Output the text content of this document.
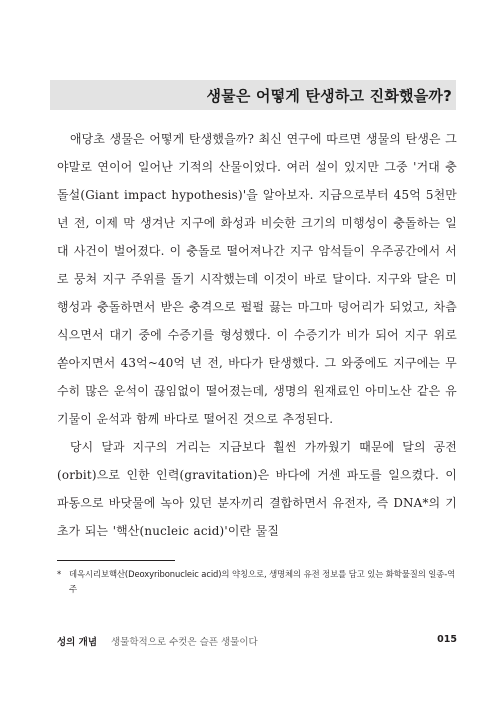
생물은 어떻게 탄생하고 진화했을까?

애당초 생물은 어떻게 탄생했을까? 최신 연구에 따르면 생물의 탄생은 그야말로 연이어 일어난 기적의 산물이었다. 여러 설이 있지만 그중 '거대 충돌설(Giant impact hypothesis)'을 알아보자. 지금으로부터 45억 5천만 년 전, 이제 막 생겨난 지구에 화성과 비슷한 크기의 미행성이 충돌하는 일대 사건이 벌어졌다. 이 충돌로 떨어져나간 지구 암석들이 우주공간에서 서로 뭉쳐 지구 주위를 돌기 시작했는데 이것이 바로 달이다. 지구와 달은 미행성과 충돌하면서 받은 충격으로 펄펄 끓는 마그마 덩어리가 되었고, 차츰 식으면서 대기 중에 수증기를 형성했다. 이 수증기가 비가 되어 지구 위로 쏟아지면서 43억~40억 년 전, 바다가 탄생했다. 그 와중에도 지구에는 무수히 많은 운석이 끊임없이 떨어졌는데, 생명의 원재료인 아미노산 같은 유기물이 운석과 함께 바다로 떨어진 것으로 추정된다.

당시 달과 지구의 거리는 지금보다 훨씬 가까웠기 때문에 달의 공전(orbit)으로 인한 인력(gravitation)은 바다에 거센 파도를 일으켰다. 이 파동으로 바닷물에 녹아 있던 분자끼리 결합하면서 유전자, 즉 DNA*의 기초가 되는 '핵산(nucleic acid)'이란 물질

* 데옥시리보핵산(Deoxyribonucleic acid)의 약칭으로, 생명체의 유전 정보를 담고 있는 화학물질의 일종-역주
성의 개념 생물학적으로 수컷은 슬픈 생물이다	015
